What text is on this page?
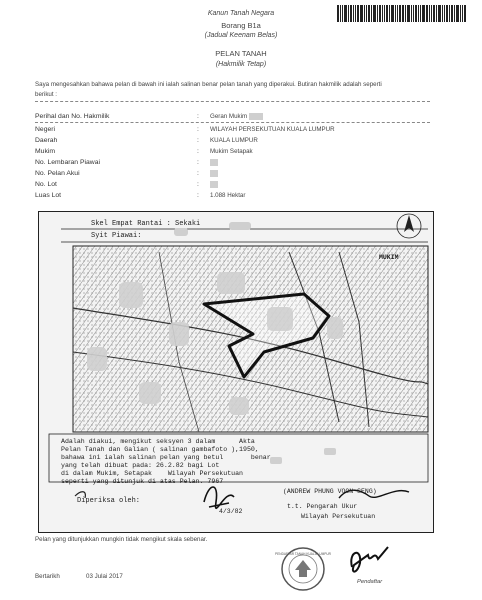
Kanun Tanah Negara
Borang B1a
(Jadual Keenam Belas)
PELAN TANAH
(Hakmilik Tetap)
Saya mengesahkan bahawa pelan di bawah ini ialah salinan benar pelan tanah yang diperakui. Butiran hakmilik adalah seperti
berikut :
Perihal dan No. Hakmilik	: Geran Mukim
Negeri	: WILAYAH PERSEKUTUAN KUALA LUMPUR
Daerah	: KUALA LUMPUR
Mukim	: Mukim Setapak
No. Lembaran Piawai	:
No. Pelan Akui	:
No. Lot	:
Luas Lot	: 1.088 Hektar
Skel Empat Rantai : Sekaki
Syit Piawai:
MUKIM
Adalah diakui, mengikut seksyen 3 dalam      Akta
Pelan Tanah dan Galian ( salinan gambafoto ),1950,
bahawa ini ialah salinan pelan yang betul       benar
yang telah dibuat pada: 26.2.82 bagi Lot
di dalam Mukim, Setapak    Wilayah Persekutuan
seperti yang ditunjuk di atas Pelan. 7967
Diperiksa oleh:
4/3/82
(ANDREW PHUNG VOON SENG)
t.t. Pengarah Ukur
Wilayah Persekutuan
Pelan yang ditunjukkan mungkin tidak mengikut skala sebenar.
Bertarikh	03 Julai 2017
PENDAFTAR TANAH KUALA LUMPUR
Pendaftar
